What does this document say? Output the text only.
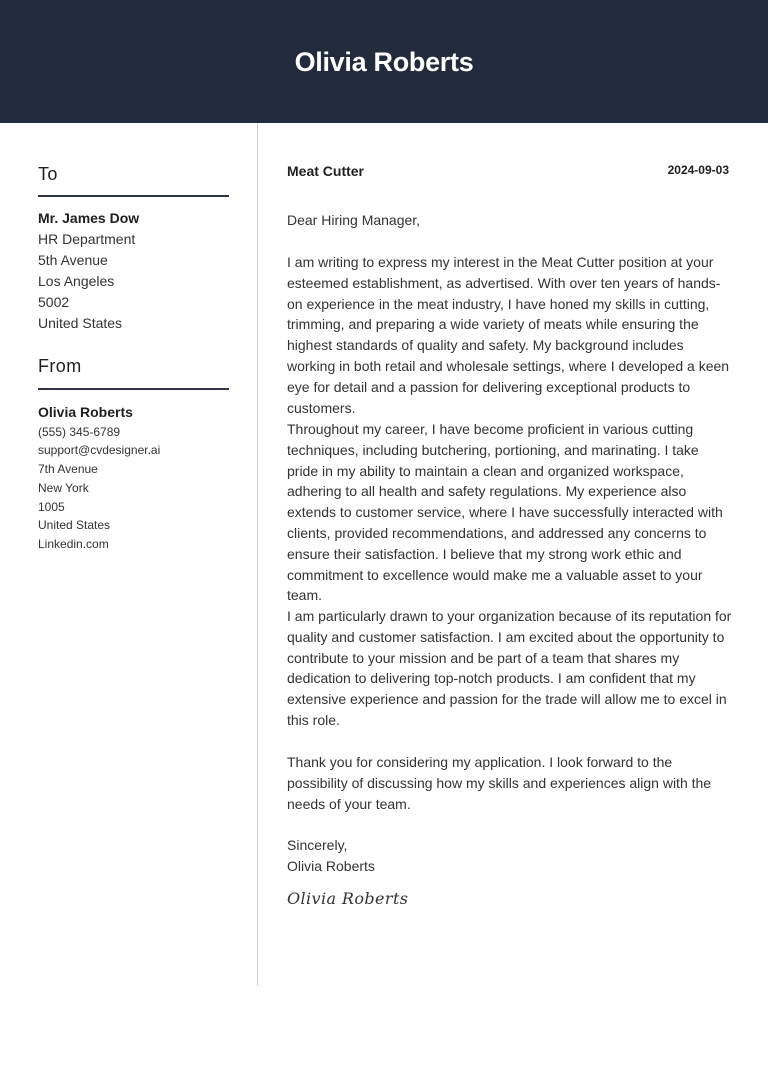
Olivia Roberts
To
Mr. James Dow
HR Department
5th Avenue
Los Angeles
5002
United States
From
Olivia Roberts
(555) 345-6789
support@cvdesigner.ai
7th Avenue
New York
1005
United States
Linkedin.com
Meat Cutter	2024-09-03

Dear Hiring Manager,

I am writing to express my interest in the Meat Cutter position at your esteemed establishment, as advertised. With over ten years of hands-on experience in the meat industry, I have honed my skills in cutting, trimming, and preparing a wide variety of meats while ensuring the highest standards of quality and safety. My background includes working in both retail and wholesale settings, where I developed a keen eye for detail and a passion for delivering exceptional products to customers.

Throughout my career, I have become proficient in various cutting techniques, including butchering, portioning, and marinating. I take pride in my ability to maintain a clean and organized workspace, adhering to all health and safety regulations. My experience also extends to customer service, where I have successfully interacted with clients, provided recommendations, and addressed any concerns to ensure their satisfaction. I believe that my strong work ethic and commitment to excellence would make me a valuable asset to your team.

I am particularly drawn to your organization because of its reputation for quality and customer satisfaction. I am excited about the opportunity to contribute to your mission and be part of a team that shares my dedication to delivering top-notch products. I am confident that my extensive experience and passion for the trade will allow me to excel in this role.

Thank you for considering my application. I look forward to the possibility of discussing how my skills and experiences align with the needs of your team.

Sincerely,

Olivia Roberts

Olivia Roberts
